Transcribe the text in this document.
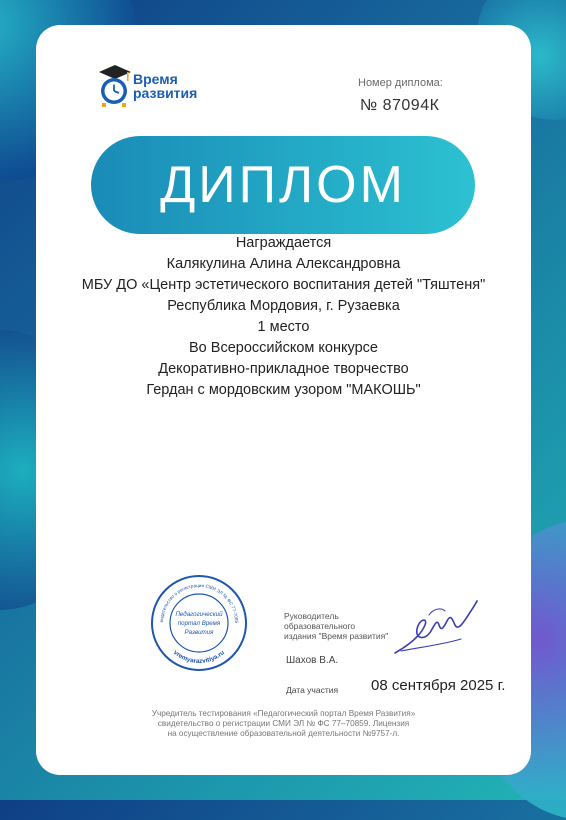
Время
развития
Номер диплома:
№ 87094К
ДИПЛОМ
Награждается
Калякулина Алина Александровна
МБУ ДО «Центр эстетического воспитания детей "Тяштеня"
Республика Мордовия, г. Рузаевка
1 место
Во Всероссийском конкурсе
Декоративно-прикладное творчество
Гердан с мордовским узором "МАКОШЬ"
видетельство о регистрации СМИ ЭЛ № ФС 77-7085
vremyarazvitiya.ru
Педагогический
портал Время
Развития
Руководитель
образовательного
издания "Время развития"
Шахов В.А.
Дата участия 08 сентября 2025 г.
Учредитель тестирования «Педагогический портал Время Развития»
свидетельство о регистрации СМИ ЭЛ № ФС 77–70859. Лицензия
на осуществление образовательной деятельности №9757-л.
